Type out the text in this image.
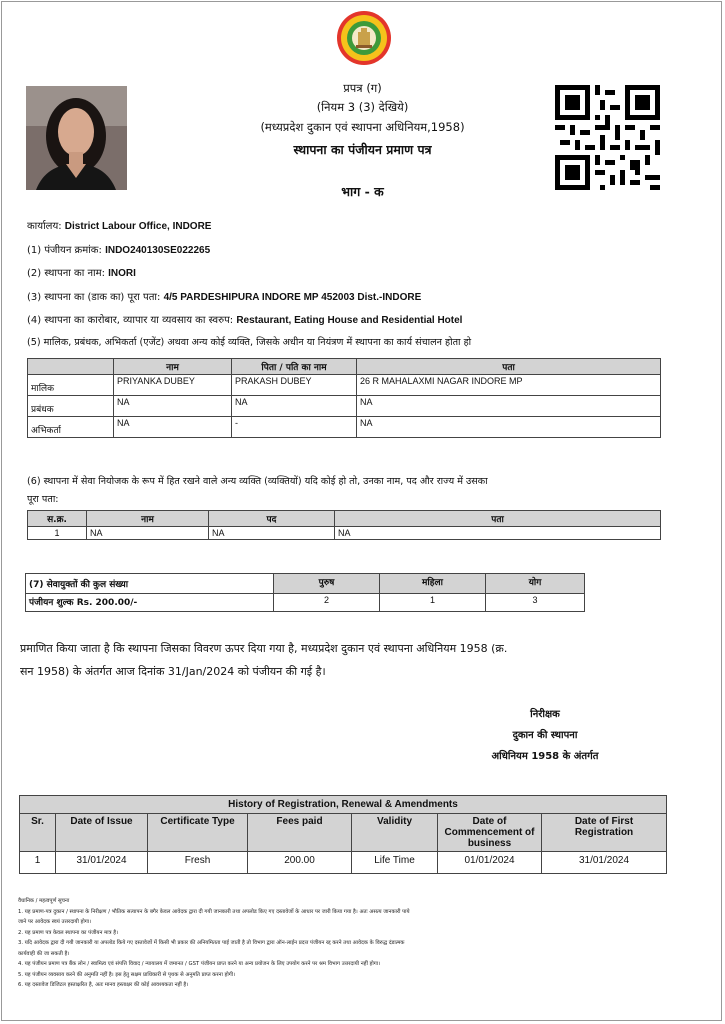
प्रपत्र (ग)
(नियम 3 (3) देखिये)
(मध्यप्रदेश दुकान एवं स्थापना अधिनियम,1958)
स्थापना का पंजीयन प्रमाण पत्र
भाग - क
कार्यालय: District Labour Office, INDORE
(1) पंजीयन क्रमांक: INDO240130SE022265
(2) स्थापना का नाम: INORI
(3) स्थापना का (डाक का) पूरा पता: 4/5 PARDESHIPURA INDORE MP 452003 Dist.-INDORE
(4) स्थापना का कारोबार, व्यापार या व्यवसाय का स्वरुप: Restaurant, Eating House and Residential Hotel
(5) मालिक, प्रबंधक, अभिकर्ता (एजेंट) अथवा अन्य कोई व्यक्ति, जिसके अधीन या नियंत्रण में स्थापना का कार्य संचालन होता हो
	नाम	पिता / पति का नाम	पता
मालिक	PRIYANKA DUBEY	PRAKASH DUBEY	26 R MAHALAXMI NAGAR INDORE MP
प्रबंधक	NA	NA	NA
अभिकर्ता	NA	-	NA
(6) स्थापना में सेवा नियोजक के रूप में हित रखने वाले अन्य व्यक्ति (व्यक्तियों) यदि कोई हो तो, उनका नाम, पद और राज्य में उसका
पूरा पता:
स.क्र.	नाम	पद	पता
1	NA	NA	NA
(7) सेवायुक्तों की कुल संख्या	पुरुष	महिला	योग
पंजीयन शुल्क Rs. 200.00/-	2	1	3
प्रमाणित किया जाता है कि स्थापना जिसका विवरण ऊपर दिया गया है, मध्यप्रदेश दुकान एवं स्थापना अधिनियम 1958 (क्र.
सन 1958) के अंतर्गत आज दिनांक 31/Jan/2024 को पंजीयन की गई है।
निरीक्षक
दुकान की स्थापना
अधिनियम 1958 के अंतर्गत
History of Registration, Renewal & Amendments						
Sr.	Date of Issue	Certificate Type	Fees paid	Validity	Date of Commencement of business	Date of First Registration
1	31/01/2024	Fresh	200.00	Life Time	01/01/2024	31/01/2024
वैधानिक / महत्वपूर्ण सूचना
1. यह प्रमाण-पत्र दुकान / स्थापना के निरीक्षण / भौतिक सत्यापन के बगैर केवल आवेदक द्वारा दी गयी जानकारी तथा अपलोड किए गए दस्तावेजों के आधार पर जारी किया गया है। अतः असत्य जानकारी पाये
जाने पर आवेदक स्वयं उत्तरदायी होगा।
2. यह प्रमाण पत्र केवल स्थापना का पंजीयन मात्र है।
3. यदि आवेदक द्वारा दी गयी जानकारी या अपलोड किये गए दस्तावेजों में किसी भी प्रकार की अनियमितता पाई जाती है तो विभाग द्वारा ऑन-लाईन प्रदत्त पंजीयन रद्द करने तथा आवेदक के विरुद्ध दंडात्मक
कार्यवाही की जा सकती है।
4. यह पंजीयन प्रमाण पत्र बैंक लोन / स्वामित्व एवं संपत्ति विवाद / न्यायालय में जमानत / GST पंजीयन प्राप्त करने या अन्य प्रयोजन के लिए उपयोग करने पर श्रम विभाग उत्तरदायी नहीं होगा।
5. यह पंजीयन व्यवसाय करने की अनुमति नहीं है। इस हेतु सक्षम प्राधिकारी से पृथक से अनुमति प्राप्त करना होगी।
6. यह दस्तावेज डिजिटल हस्ताक्षरित है, अतः मानव हस्ताक्षर की कोई आवश्यकता नहीं है।
